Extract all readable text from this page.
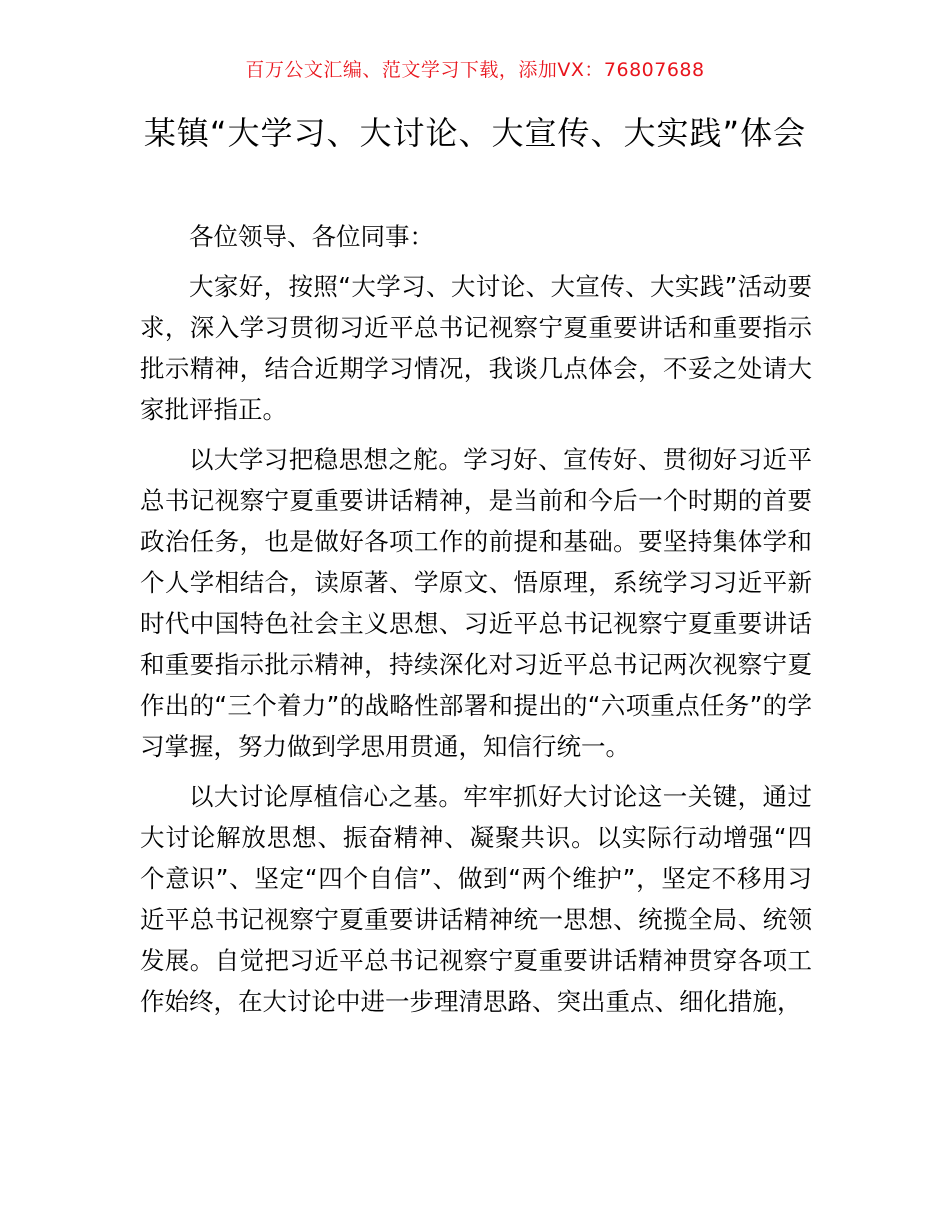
百万公文汇编、范文学习下载，添加VX：76807688
某镇“大学习、大讨论、大宣传、大实践”体会

各位领导、各位同事：

大家好，按照“大学习、大讨论、大宣传、大实践”活动要求，深入学习贯彻习近平总书记视察宁夏重要讲话和重要指示批示精神，结合近期学习情况，我谈几点体会，不妥之处请大家批评指正。

以大学习把稳思想之舵。学习好、宣传好、贯彻好习近平总书记视察宁夏重要讲话精神，是当前和今后一个时期的首要政治任务，也是做好各项工作的前提和基础。要坚持集体学和个人学相结合，读原著、学原文、悟原理，系统学习习近平新时代中国特色社会主义思想、习近平总书记视察宁夏重要讲话和重要指示批示精神，持续深化对习近平总书记两次视察宁夏作出的“三个着力”的战略性部署和提出的“六项重点任务”的学习掌握，努力做到学思用贯通，知信行统一。

以大讨论厚植信心之基。牢牢抓好大讨论这一关键，通过大讨论解放思想、振奋精神、凝聚共识。以实际行动增强“四个意识”、坚定“四个自信”、做到“两个维护”，坚定不移用习近平总书记视察宁夏重要讲话精神统一思想、统揽全局、统领发展。自觉把习近平总书记视察宁夏重要讲话精神贯穿各项工作始终，在大讨论中进一步理清思路、突出重点、细化措施，
